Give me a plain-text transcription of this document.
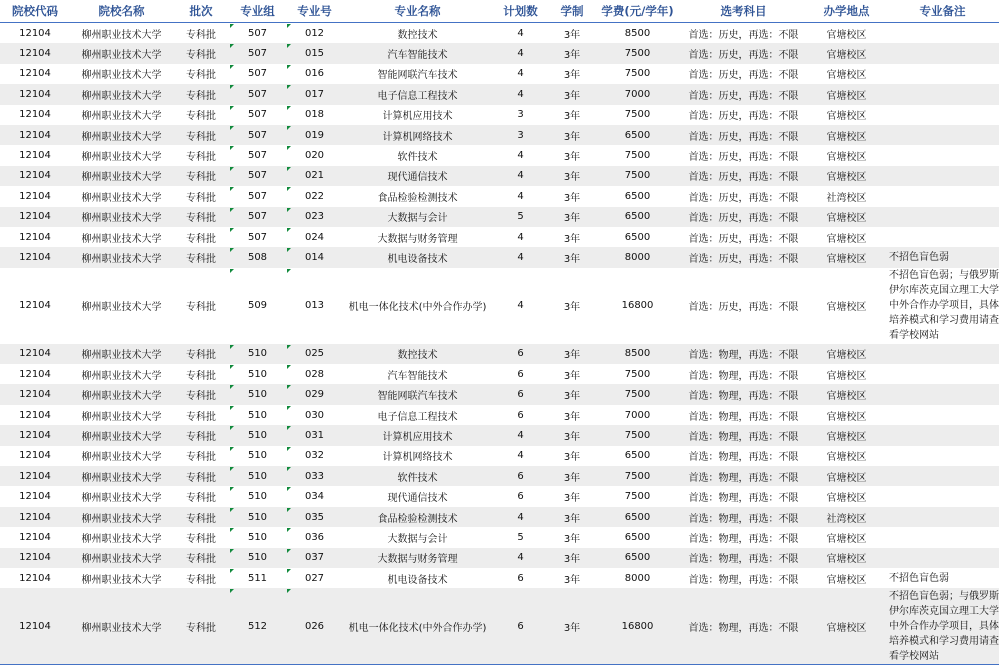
院校代码	院校名称	批次	专业组	专业号	专业名称	计划数	学制	学费(元/学年)	选考科目	办学地点	专业备注
12104	柳州职业技术大学	专科批	507	012	数控技术	4	3年	8500	首选：历史，再选：不限	官塘校区	
12104	柳州职业技术大学	专科批	507	015	汽车智能技术	4	3年	7500	首选：历史，再选：不限	官塘校区	
12104	柳州职业技术大学	专科批	507	016	智能网联汽车技术	4	3年	7500	首选：历史，再选：不限	官塘校区	
12104	柳州职业技术大学	专科批	507	017	电子信息工程技术	4	3年	7000	首选：历史，再选：不限	官塘校区	
12104	柳州职业技术大学	专科批	507	018	计算机应用技术	3	3年	7500	首选：历史，再选：不限	官塘校区	
12104	柳州职业技术大学	专科批	507	019	计算机网络技术	3	3年	6500	首选：历史，再选：不限	官塘校区	
12104	柳州职业技术大学	专科批	507	020	软件技术	4	3年	7500	首选：历史，再选：不限	官塘校区	
12104	柳州职业技术大学	专科批	507	021	现代通信技术	4	3年	7500	首选：历史，再选：不限	官塘校区	
12104	柳州职业技术大学	专科批	507	022	食品检验检测技术	4	3年	6500	首选：历史，再选：不限	社湾校区	
12104	柳州职业技术大学	专科批	507	023	大数据与会计	5	3年	6500	首选：历史，再选：不限	官塘校区	
12104	柳州职业技术大学	专科批	507	024	大数据与财务管理	4	3年	6500	首选：历史，再选：不限	官塘校区	
12104	柳州职业技术大学	专科批	508	014	机电设备技术	4	3年	8000	首选：历史，再选：不限	官塘校区	不招色盲色弱
12104	柳州职业技术大学	专科批	509	013	机电一体化技术(中外合作办学)	4	3年	16800	首选：历史，再选：不限	官塘校区	不招色盲色弱；与俄罗斯伊尔库茨克国立理工大学中外合作办学项目，具体培养模式和学习费用请查看学校网站
12104	柳州职业技术大学	专科批	510	025	数控技术	6	3年	8500	首选：物理，再选：不限	官塘校区	
12104	柳州职业技术大学	专科批	510	028	汽车智能技术	6	3年	7500	首选：物理，再选：不限	官塘校区	
12104	柳州职业技术大学	专科批	510	029	智能网联汽车技术	6	3年	7500	首选：物理，再选：不限	官塘校区	
12104	柳州职业技术大学	专科批	510	030	电子信息工程技术	6	3年	7000	首选：物理，再选：不限	官塘校区	
12104	柳州职业技术大学	专科批	510	031	计算机应用技术	4	3年	7500	首选：物理，再选：不限	官塘校区	
12104	柳州职业技术大学	专科批	510	032	计算机网络技术	4	3年	6500	首选：物理，再选：不限	官塘校区	
12104	柳州职业技术大学	专科批	510	033	软件技术	6	3年	7500	首选：物理，再选：不限	官塘校区	
12104	柳州职业技术大学	专科批	510	034	现代通信技术	6	3年	7500	首选：物理，再选：不限	官塘校区	
12104	柳州职业技术大学	专科批	510	035	食品检验检测技术	4	3年	6500	首选：物理，再选：不限	社湾校区	
12104	柳州职业技术大学	专科批	510	036	大数据与会计	5	3年	6500	首选：物理，再选：不限	官塘校区	
12104	柳州职业技术大学	专科批	510	037	大数据与财务管理	4	3年	6500	首选：物理，再选：不限	官塘校区	
12104	柳州职业技术大学	专科批	511	027	机电设备技术	6	3年	8000	首选：物理，再选：不限	官塘校区	不招色盲色弱
12104	柳州职业技术大学	专科批	512	026	机电一体化技术(中外合作办学)	6	3年	16800	首选：物理，再选：不限	官塘校区	不招色盲色弱；与俄罗斯伊尔库茨克国立理工大学中外合作办学项目，具体培养模式和学习费用请查看学校网站
